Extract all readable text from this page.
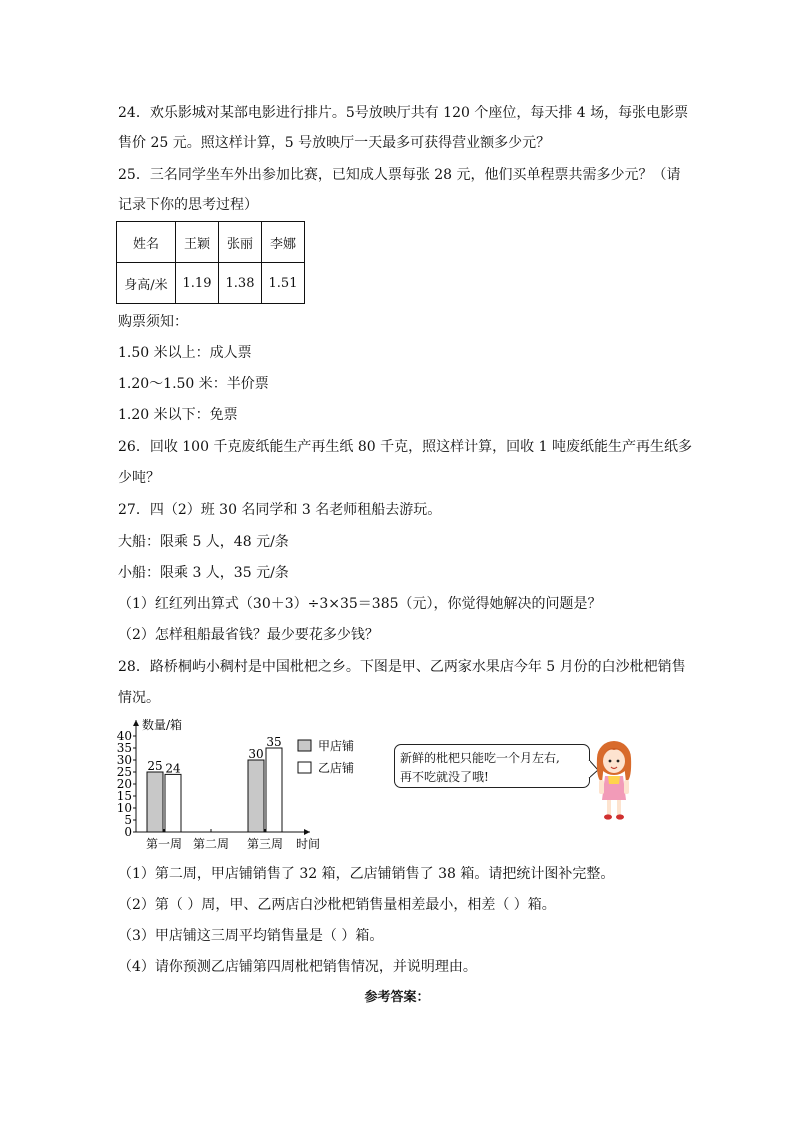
24．欢乐影城对某部电影进行排片。5号放映厅共有 120 个座位，每天排 4 场，每张电影票
售价 25 元。照这样计算，5 号放映厅一天最多可获得营业额多少元？
25．三名同学坐车外出参加比赛，已知成人票每张 28 元，他们买单程票共需多少元？（请
记录下你的思考过程）
姓名	王颖	张丽	李娜
身高/米	1.19	1.38	1.51
购票须知：
1.50 米以上：成人票
1.20～1.50 米：半价票
1.20 米以下：免票
26．回收 100 千克废纸能生产再生纸 80 千克，照这样计算，回收 1 吨废纸能生产再生纸多
少吨？
27．四（2）班 30 名同学和 3 名老师租船去游玩。
大船：限乘 5 人，48 元/条
小船：限乘 3 人，35 元/条
（1）红红列出算式（30＋3）÷3×35＝385（元），你觉得她解决的问题是？
（2）怎样租船最省钱？最少要花多少钱？
28．路桥桐屿小稠村是中国枇杷之乡。下图是甲、乙两家水果店今年 5 月份的白沙枇杷销售
情况。
0
5
10
15
20
25
30
35
40
数量/箱
时间
第一周
25 24
第二周 第三周
30
35	甲店铺
乙店铺
新鲜的枇杷只能吃一个月左右,
再不吃就没了哦!
（1）第二周，甲店铺销售了 32 箱，乙店铺销售了 38 箱。请把统计图补完整。
（2）第（ ）周，甲、乙两店白沙枇杷销售量相差最小，相差（ ）箱。
（3）甲店铺这三周平均销售量是（ ）箱。
（4）请你预测乙店铺第四周枇杷销售情况，并说明理由。
参考答案：
